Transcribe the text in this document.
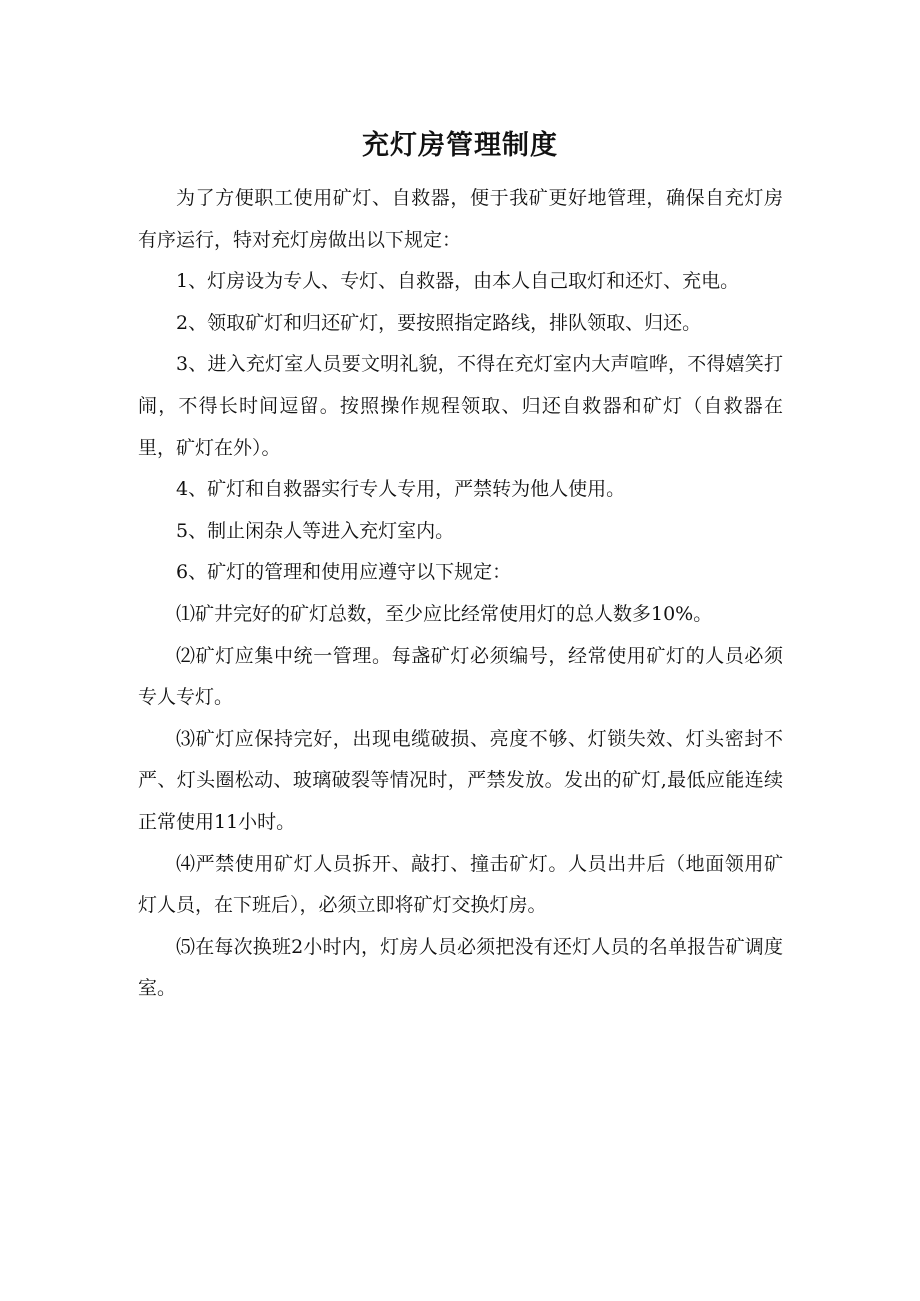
充灯房管理制度

为了方便职工使用矿灯、自救器，便于我矿更好地管理，确保自充灯房有序运行，特对充灯房做出以下规定：

1、灯房设为专人、专灯、自救器，由本人自己取灯和还灯、充电。

2、领取矿灯和归还矿灯，要按照指定路线，排队领取、归还。

3、进入充灯室人员要文明礼貌，不得在充灯室内大声喧哗，不得嬉笑打闹，不得长时间逗留。按照操作规程领取、归还自救器和矿灯（自救器在里，矿灯在外）。

4、矿灯和自救器实行专人专用，严禁转为他人使用。

5、制止闲杂人等进入充灯室内。

6、矿灯的管理和使用应遵守以下规定：

⑴矿井完好的矿灯总数，至少应比经常使用灯的总人数多10%。

⑵矿灯应集中统一管理。每盏矿灯必须编号，经常使用矿灯的人员必须专人专灯。

⑶矿灯应保持完好，出现电缆破损、亮度不够、灯锁失效、灯头密封不严、灯头圈松动、玻璃破裂等情况时，严禁发放。发出的矿灯,最低应能连续正常使用11小时。

⑷严禁使用矿灯人员拆开、敲打、撞击矿灯。人员出井后（地面领用矿灯人员，在下班后），必须立即将矿灯交换灯房。

⑸在每次换班2小时内，灯房人员必须把没有还灯人员的名单报告矿调度室。
